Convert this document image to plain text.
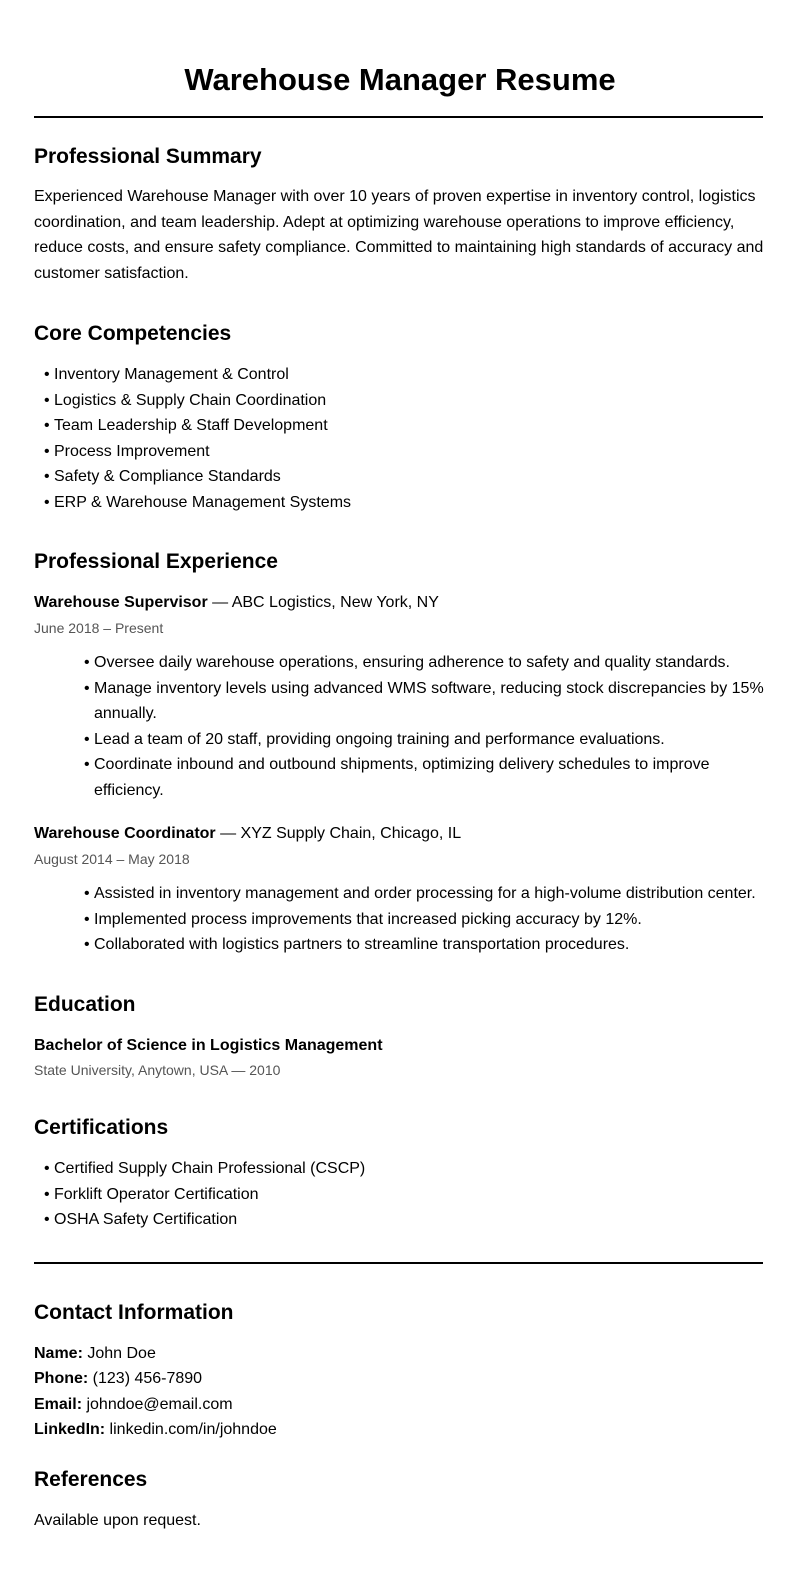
Warehouse Manager Resume
Professional Summary

Experienced Warehouse Manager with over 10 years of proven expertise in inventory control, logistics coordination, and team leadership. Adept at optimizing warehouse operations to improve efficiency, reduce costs, and ensure safety compliance. Committed to maintaining high standards of accuracy and customer satisfaction.

Core Competencies
• Inventory Management & Control
• Logistics & Supply Chain Coordination
• Team Leadership & Staff Development
• Process Improvement
• Safety & Compliance Standards
• ERP & Warehouse Management Systems
Professional Experience

Warehouse Supervisor — ABC Logistics, New York, NY

June 2018 – Present

• Oversee daily warehouse operations, ensuring adherence to safety and quality standards.
• Manage inventory levels using advanced WMS software, reducing stock discrepancies by 15% annually.
• Lead a team of 20 staff, providing ongoing training and performance evaluations.
• Coordinate inbound and outbound shipments, optimizing delivery schedules to improve efficiency.

Warehouse Coordinator — XYZ Supply Chain, Chicago, IL

August 2014 – May 2018

• Assisted in inventory management and order processing for a high-volume distribution center.
• Implemented process improvements that increased picking accuracy by 12%.
• Collaborated with logistics partners to streamline transportation procedures.
Education

Bachelor of Science in Logistics Management

State University, Anytown, USA — 2010

Certifications
• Certified Supply Chain Professional (CSCP)
• Forklift Operator Certification
• OSHA Safety Certification
Contact Information

Name: John Doe

Phone: (123) 456-7890

Email: johndoe@email.com

LinkedIn: linkedin.com/in/johndoe

References

Available upon request.
